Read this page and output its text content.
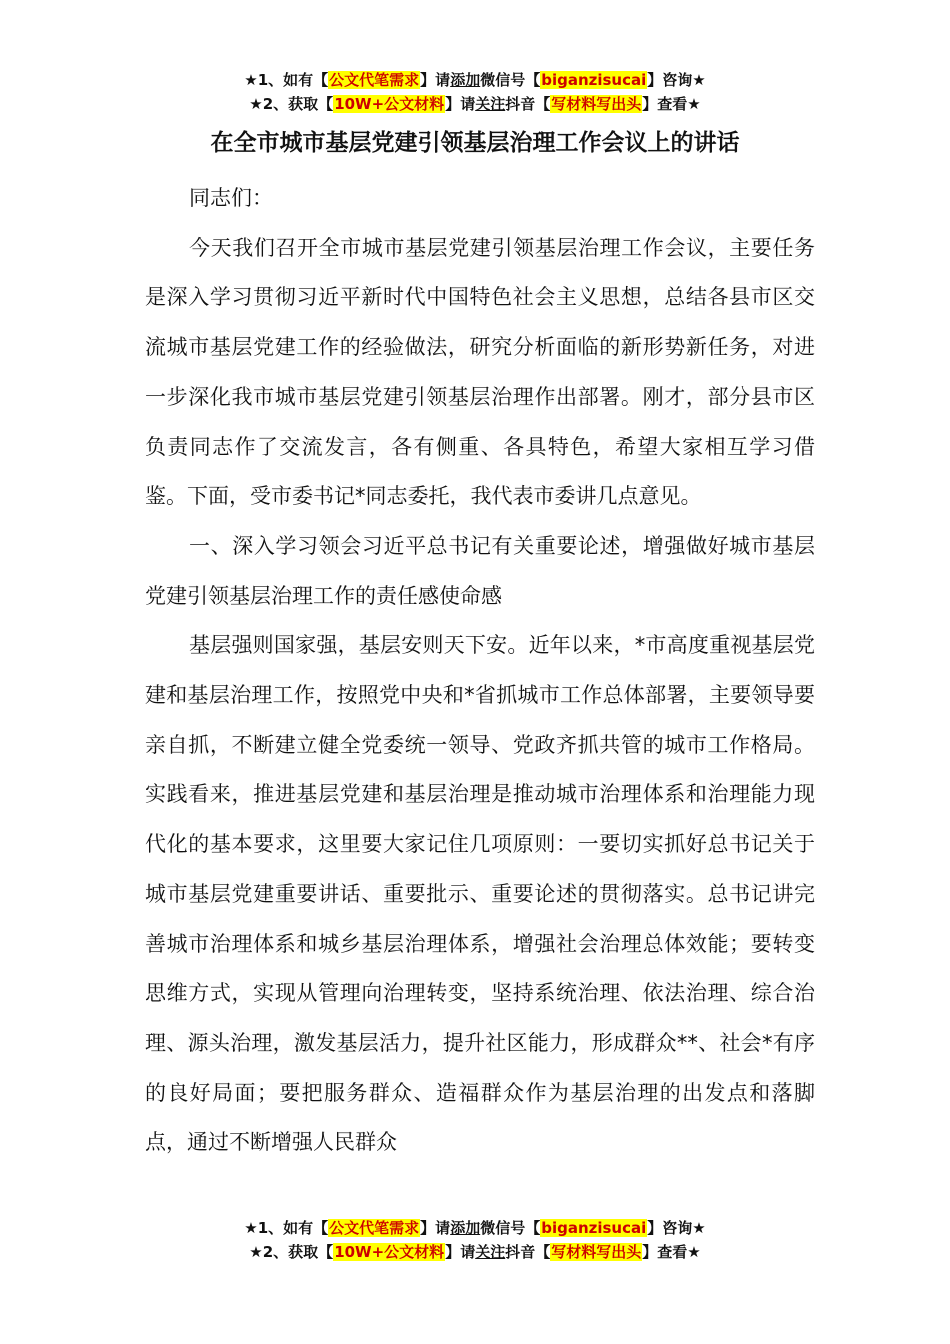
★1、如有【公文代笔需求】请添加微信号【biganzisucai】咨询★
★2、获取【10W+公文材料】请关注抖音【写材料写出头】查看★
在全市城市基层党建引领基层治理工作会议上的讲话

同志们：

今天我们召开全市城市基层党建引领基层治理工作会议，主要任务是深入学习贯彻习近平新时代中国特色社会主义思想，总结各县市区交流城市基层党建工作的经验做法，研究分析面临的新形势新任务，对进一步深化我市城市基层党建引领基层治理作出部署。刚才，部分县市区负责同志作了交流发言，各有侧重、各具特色，希望大家相互学习借鉴。下面，受市委书记*同志委托，我代表市委讲几点意见。

一、深入学习领会习近平总书记有关重要论述，增强做好城市基层党建引领基层治理工作的责任感使命感

基层强则国家强，基层安则天下安。近年以来，*市高度重视基层党建和基层治理工作，按照党中央和*省抓城市工作总体部署，主要领导要亲自抓，不断建立健全党委统一领导、党政齐抓共管的城市工作格局。实践看来，推进基层党建和基层治理是推动城市治理体系和治理能力现代化的基本要求，这里要大家记住几项原则：一要切实抓好总书记关于城市基层党建重要讲话、重要批示、重要论述的贯彻落实。总书记讲完善城市治理体系和城乡基层治理体系，增强社会治理总体效能；要转变思维方式，实现从管理向治理转变，坚持系统治理、依法治理、综合治理、源头治理，激发基层活力，提升社区能力，形成群众**、社会*有序的良好局面；要把服务群众、造福群众作为基层治理的出发点和落脚点，通过不断增强人民群众

★1、如有【公文代笔需求】请添加微信号【biganzisucai】咨询★
★2、获取【10W+公文材料】请关注抖音【写材料写出头】查看★
